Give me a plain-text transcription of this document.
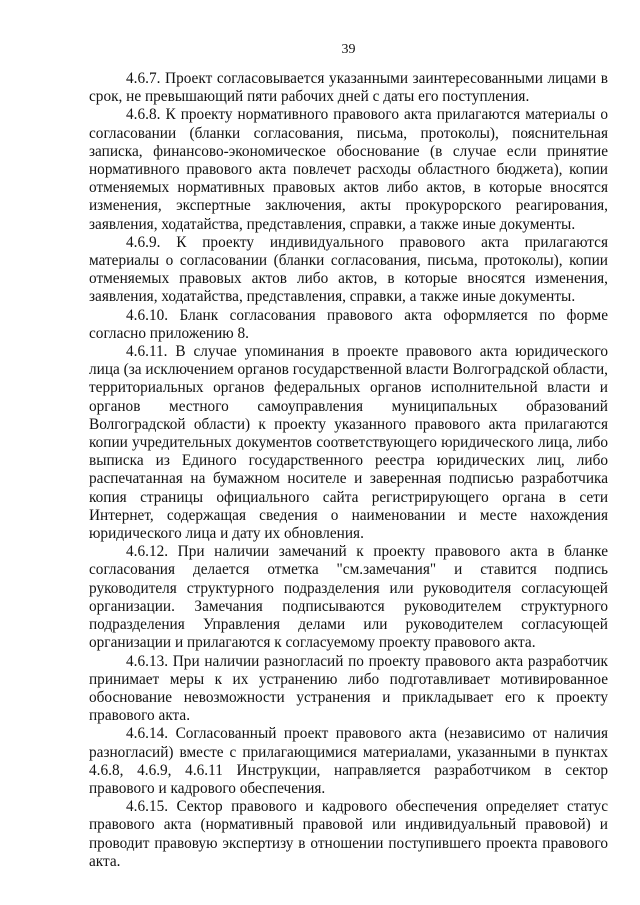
39

4.6.7. Проект согласовывается указанными заинтересованными лицами в срок, не превышающий пяти рабочих дней с даты его поступления.

4.6.8. К проекту нормативного правового акта прилагаются материалы о согласовании (бланки согласования, письма, протоколы), пояснительная записка, финансово-экономическое обоснование (в случае если принятие нормативного правового акта повлечет расходы областного бюджета), копии отменяемых нормативных правовых актов либо актов, в которые вносятся изменения, экспертные заключения, акты прокурорского реагирования, заявления, ходатайства, представления, справки, а также иные документы.

4.6.9. К проекту индивидуального правового акта прилагаются материалы о согласовании (бланки согласования, письма, протоколы), копии отменяемых правовых актов либо актов, в которые вносятся изменения, заявления, ходатайства, представления, справки, а также иные документы.

4.6.10. Бланк согласования правового акта оформляется по форме согласно приложению 8.

4.6.11. В случае упоминания в проекте правового акта юридического лица (за исключением органов государственной власти Волгоградской области, территориальных органов федеральных органов исполнительной власти и органов местного самоуправления муниципальных образований Волгоградской области) к проекту указанного правового акта прилагаются копии учредительных документов соответствующего юридического лица, либо выписка из Единого государственного реестра юридических лиц, либо распечатанная на бумажном носителе и заверенная подписью разработчика копия страницы официального сайта регистрирующего органа в сети Интернет, содержащая сведения о наименовании и месте нахождения юридического лица и дату их обновления.

4.6.12. При наличии замечаний к проекту правового акта в бланке согласования делается отметка "см.замечания" и ставится подпись руководителя структурного подразделения или руководителя согласующей организации. Замечания подписываются руководителем структурного подразделения Управления делами или руководителем согласующей организации и прилагаются к согласуемому проекту правового акта.

4.6.13. При наличии разногласий по проекту правового акта разработчик принимает меры к их устранению либо подготавливает мотивированное обоснование невозможности устранения и прикладывает его к проекту правового акта.

4.6.14. Согласованный проект правового акта (независимо от наличия разногласий) вместе с прилагающимися материалами, указанными в пунктах 4.6.8, 4.6.9, 4.6.11 Инструкции, направляется разработчиком в сектор правового и кадрового обеспечения.

4.6.15. Сектор правового и кадрового обеспечения определяет статус правового акта (нормативный правовой или индивидуальный правовой) и проводит правовую экспертизу в отношении поступившего проекта правового акта.
